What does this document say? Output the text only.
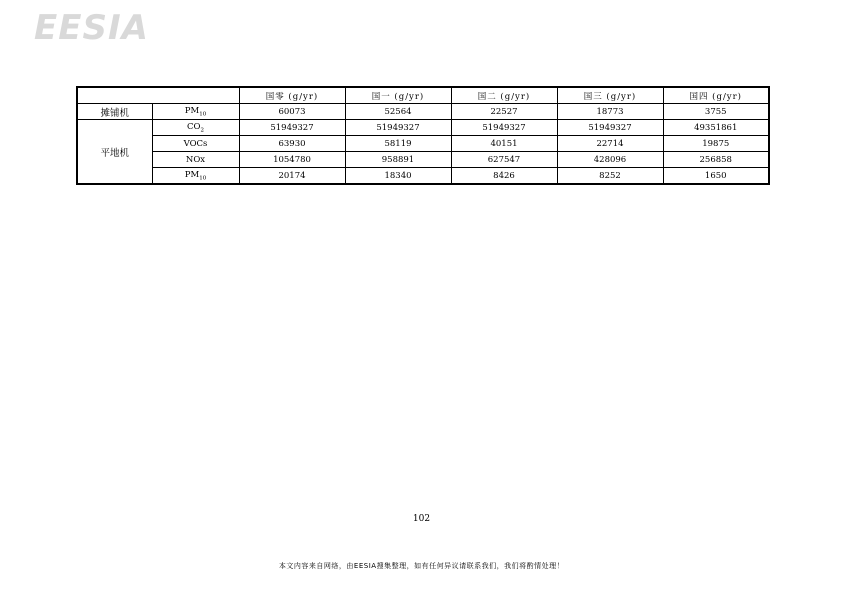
EESIA
		国零 (g/yr)	国一 (g/yr)	国二 (g/yr)	国三 (g/yr)	国四 (g/yr)
摊铺机	$PM_{10}$	60073	52564	22527	18773	3755
平地机	$CO_2$	51949327	51949327	51949327	51949327	49351861
	VOCs	63930	58119	40151	22714	19875
	NOx	1054780	958891	627547	428096	256858
	$PM_{10}$	20174	18340	8426	8252	1650
102
本文内容来自网络，由EESIA搜集整理，如有任何异议请联系我们，我们将酌情处理！
